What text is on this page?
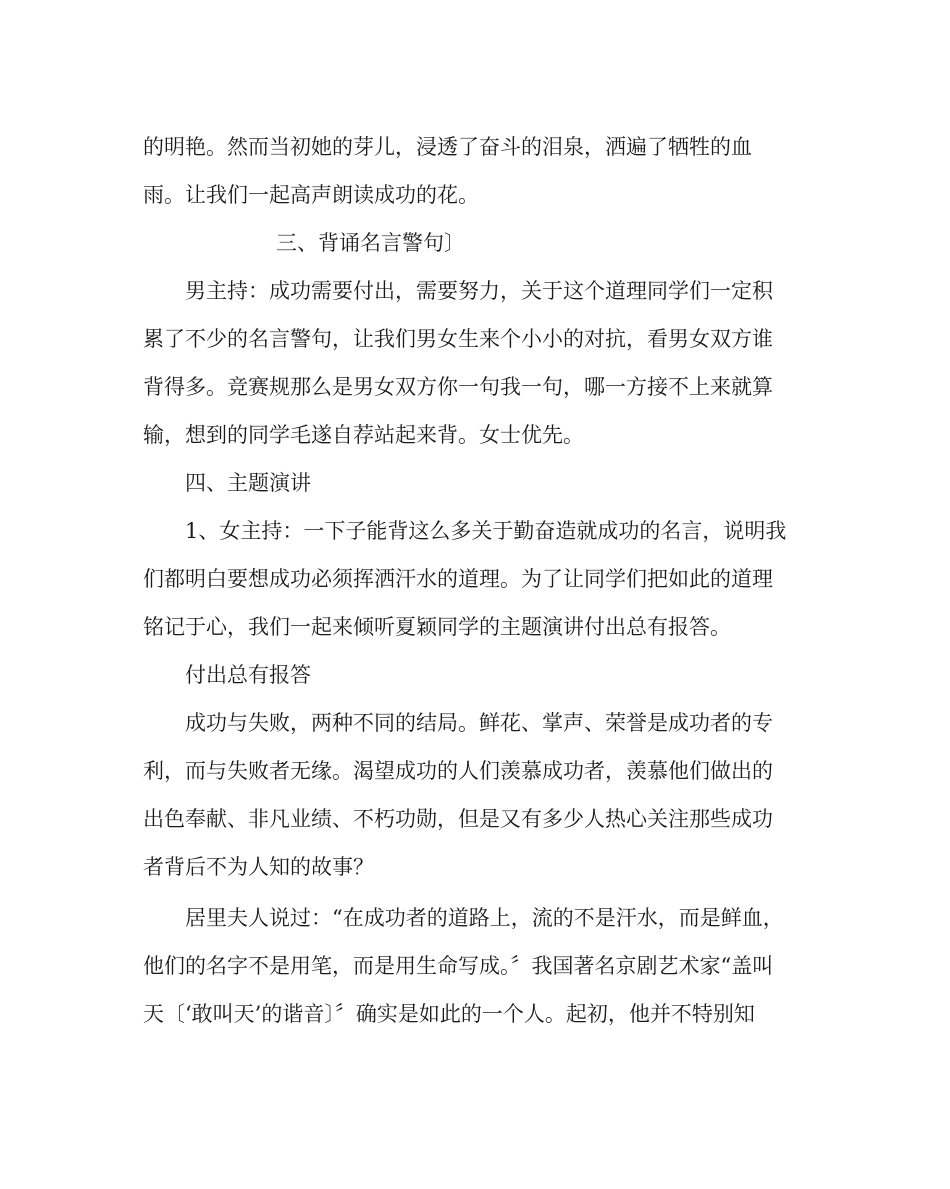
的明艳。然而当初她的芽儿，浸透了奋斗的泪泉，洒遍了牺牲的血

雨。让我们一起高声朗读成功的花。

三、背诵名言警句〕

男主持：成功需要付出，需要努力，关于这个道理同学们一定积

累了不少的名言警句，让我们男女生来个小小的对抗，看男女双方谁

背得多。竞赛规那么是男女双方你一句我一句，哪一方接不上来就算

输，想到的同学毛遂自荐站起来背。女士优先。

四、主题演讲

1、女主持：一下子能背这么多关于勤奋造就成功的名言，说明我

们都明白要想成功必须挥洒汗水的道理。为了让同学们把如此的道理

铭记于心，我们一起来倾听夏颖同学的主题演讲付出总有报答。

付出总有报答

成功与失败，两种不同的结局。鲜花、掌声、荣誉是成功者的专

利，而与失败者无缘。渴望成功的人们羡慕成功者，羡慕他们做出的

出色奉献、非凡业绩、不朽功勋，但是又有多少人热心关注那些成功

者背后不为人知的故事？

居里夫人说过：“在成功者的道路上，流的不是汗水，而是鲜血，

他们的名字不是用笔，而是用生命写成。〞我国著名京剧艺术家“盖叫

天〔‘敢叫天’的谐音〕〞确实是如此的一个人。起初，他并不特别知
